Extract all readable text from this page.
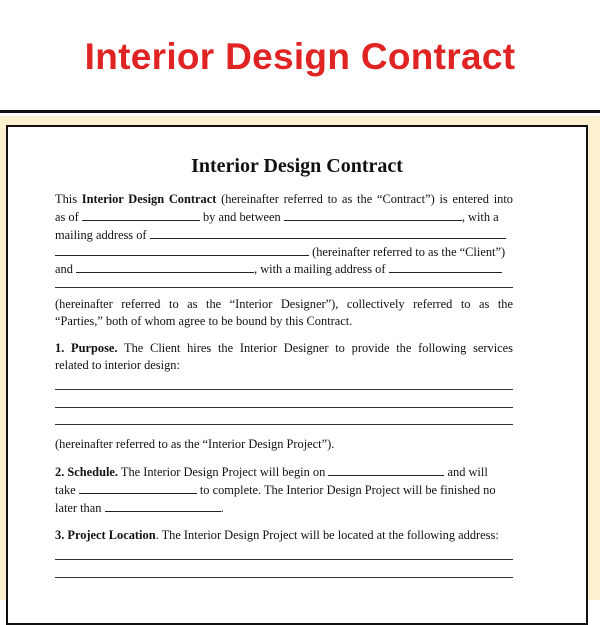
Interior Design Contract
Interior Design Contract
This Interior Design Contract (hereinafter referred to as the “Contract”) is entered into
as of	by and between	, with a
mailing address of
(hereinafter referred to as the “Client”)
and	, with a mailing address of
(hereinafter referred to as the “Interior Designer”), collectively referred to as the
“Parties,” both of whom agree to be bound by this Contract.
1. Purpose. The Client hires the Interior Designer to provide the following services
related to interior design:
(hereinafter referred to as the “Interior Design Project”).
2. Schedule. The Interior Design Project will begin on	and will
take	to complete. The Interior Design Project will be finished no
later than	.
3. Project Location. The Interior Design Project will be located at the following address:
